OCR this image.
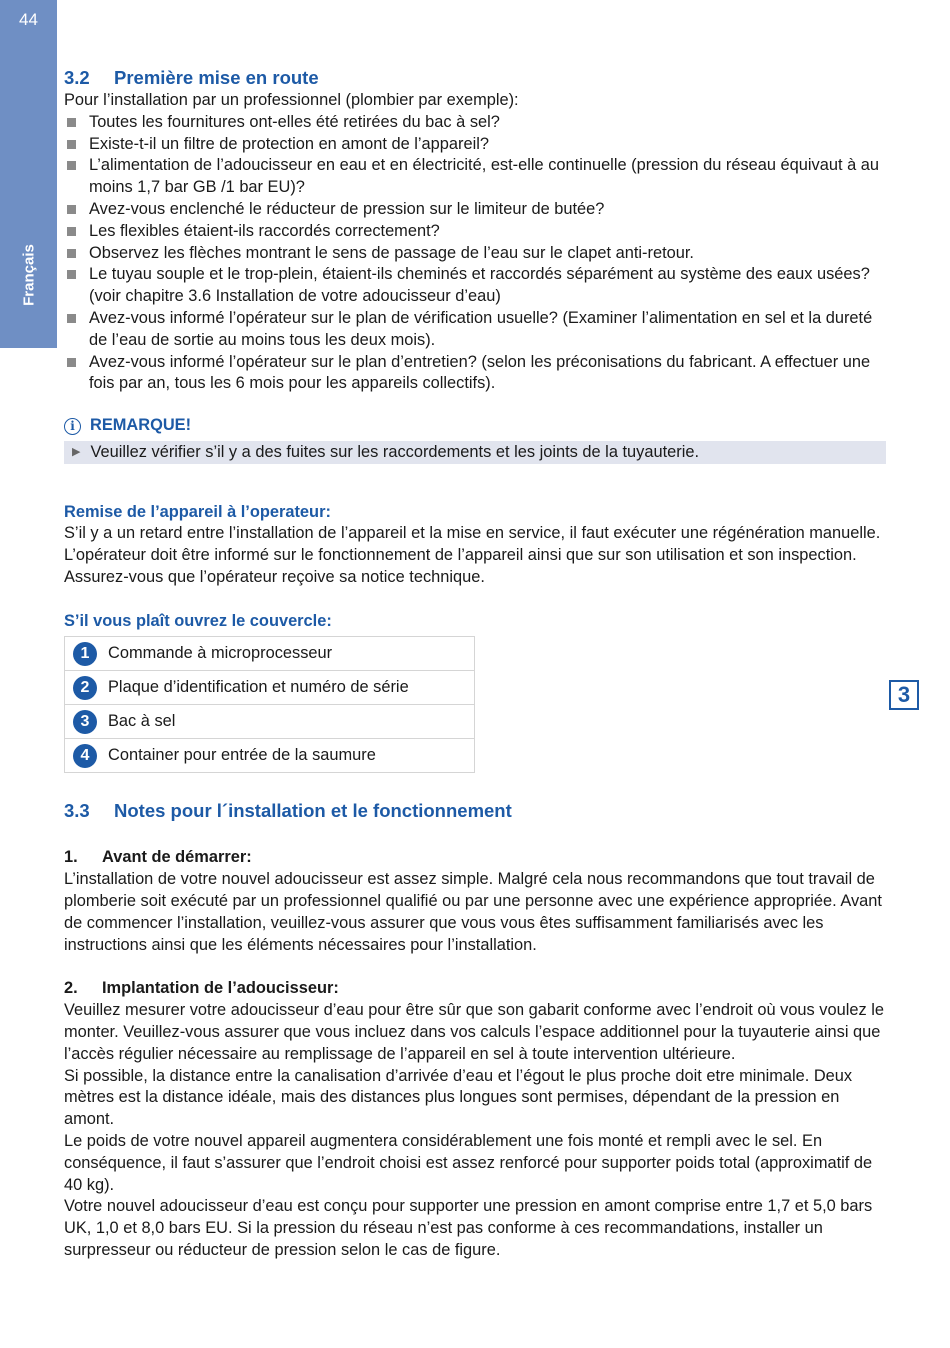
44
Français
3
3.2 Première mise en route

Pour l’installation par un professionnel (plombier par exemple):

Toutes les fournitures ont-elles été retirées du bac à sel?
Existe-t-il un filtre de protection en amont de l’appareil?
L’alimentation de l’adoucisseur en eau et en électricité, est-elle continuelle (pression du réseau équivaut à au moins 1,7 bar GB /1 bar EU)?
Avez-vous enclenché le réducteur de pression sur le limiteur de butée?
Les flexibles étaient-ils raccordés correctement?
Observez les flèches montrant le sens de passage de l’eau sur le clapet anti-retour.
Le tuyau souple et le trop-plein, étaient-ils cheminés et raccordés séparément au système des eaux usées? (voir chapitre 3.6 Installation de votre adoucisseur d’eau)
Avez-vous informé l’opérateur sur le plan de vérification usuelle? (Examiner l’alimentation en sel et la dureté de l’eau de sortie au moins tous les deux mois).
Avez-vous informé l’opérateur sur le plan d’entretien? (selon les préconisations du fabricant. A effectuer une fois par an, tous les 6 mois pour les appareils collectifs).
i REMARQUE!
▶ Veuillez vérifier s’il y a des fuites sur les raccordements et les joints de la tuyauterie.
Remise de l’appareil à l’operateur:

S’il y a un retard entre l’installation de l’appareil et la mise en service, il faut exécuter une régénération manuelle. L’opérateur doit être informé sur le fonctionnement de l’appareil ainsi que sur son utilisation et son inspection. Assurez-vous que l’opérateur reçoive sa notice technique.

S’il vous plaît ouvrez le couvercle:
1	Commande à microprocesseur
2	Plaque d’identification et numéro de série
3	Bac à sel
4	Container pour entrée de la saumure
3.3 Notes pour l´installation et le fonctionnement
1. Avant de démarrer:

L’installation de votre nouvel adoucisseur est assez simple. Malgré cela nous recommandons que tout travail de plomberie soit exécuté par un professionnel qualifié ou par une personne avec une expérience appropriée. Avant de commencer l’installation, veuillez-vous assurer que vous vous êtes suffisamment familiarisés avec les instructions ainsi que les éléments nécessaires pour l’installation.

2. Implantation de l’adoucisseur:

Veuillez mesurer votre adoucisseur d’eau pour être sûr que son gabarit conforme avec l’endroit où vous voulez le monter. Veuillez-vous assurer que vous incluez dans vos calculs l’espace additionnel pour la tuyauterie ainsi que l’accès régulier nécessaire au remplissage de l’appareil en sel à toute intervention ultérieure.

Si possible, la distance entre la canalisation d’arrivée d’eau et l’égout le plus proche doit etre minimale. Deux mètres est la distance idéale, mais des distances plus longues sont permises, dépendant de la pression en amont.

Le poids de votre nouvel appareil augmentera considérablement une fois monté et rempli avec le sel. En conséquence, il faut s’assurer que l’endroit choisi est assez renforcé pour supporter poids total (approximatif de 40 kg).

Votre nouvel adoucisseur d’eau est conçu pour supporter une pression en amont comprise entre 1,7 et 5,0 bars UK, 1,0 et 8,0 bars EU. Si la pression du réseau n’est pas conforme à ces recommandations, installer un surpresseur ou réducteur de pression selon le cas de figure.
